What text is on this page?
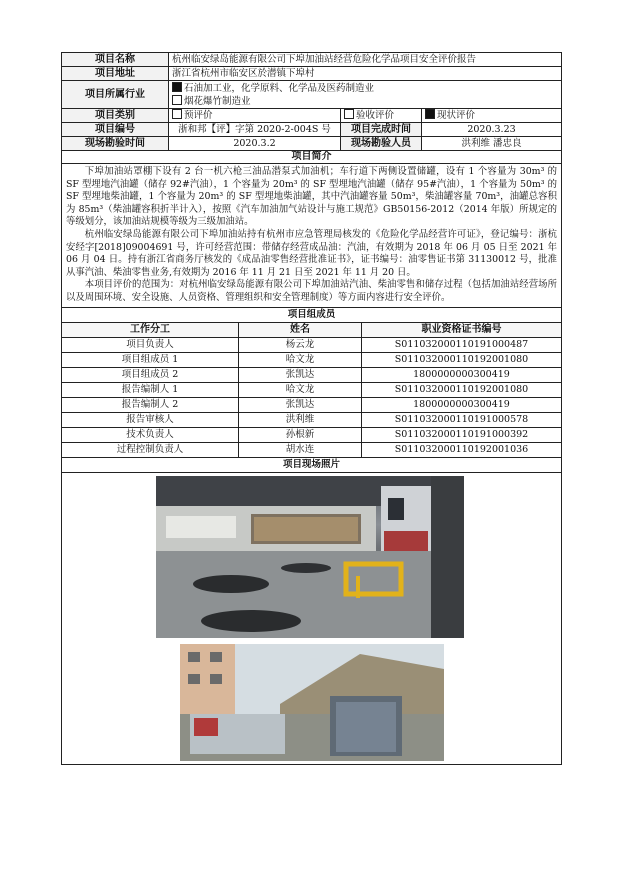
项目名称	杭州临安绿岛能源有限公司下埠加油站经营危险化学品项目安全评价报告		
项目地址	浙江省杭州市临安区於潜镇下埠村		
项目所属行业	石油加工业，化学原料、化学品及医药制造业
烟花爆竹制造业		

项目类别	预评价	验收评价	现状评价
项目编号	浙和邦【评】字第 2020-2-004S 号	项目完成时间	2020.3.23
现场勘验时间	2020.3.2	现场勘验人员	洪利维 潘忠良
项目简介			

下埠加油站罩棚下设有 2 台一机六枪三油品潜泵式加油机；车行道下两侧设置储罐，设有 1 个容量为 30m³ 的 SF 型埋地汽油罐（储存 92#汽油），1 个容量为 20m³ 的 SF 型埋地汽油罐（储存 95#汽油），1 个容量为 50m³ 的 SF 型埋地柴油罐，1 个容量为 20m³ 的 SF 型埋地柴油罐，其中汽油罐容量 50m³，柴油罐容量 70m³，油罐总容积为 85m³（柴油罐容积折半计入），按照《汽车加油加气站设计与施工规范》GB50156-2012（2014 年版）所规定的等级划分，该加油站规模等级为三级加油站。

杭州临安绿岛能源有限公司下埠加油站持有杭州市应急管理局核发的《危险化学品经营许可证》，登记编号：浙杭安经字[2018]09004691 号，许可经营范围：带储存经营成品油：汽油，有效期为 2018 年 06 月 05 日至 2021 年 06 月 04 日。持有浙江省商务厅核发的《成品油零售经营批准证书》，证书编号：油零售证书第 31130012 号，批准从事汽油、柴油零售业务,有效期为 2016 年 11 月 21 日至 2021 年 11 月 20 日。

本项目评价的范围为：对杭州临安绿岛能源有限公司下埠加油站汽油、柴油零售和储存过程（包括加油站经营场所以及周围环境、安全设施、人员资格、管理组织和安全管理制度）等方面内容进行安全评价。			

项目组成员		
工作分工	姓名	职业资格证书编号
项目负责人	杨云龙	S011032000110191000487
项目组成员 1	哈文龙	S011032000110192001080
项目组成员 2	张凯达	1800000000300419
报告编制人 1	哈文龙	S011032000110192001080
报告编制人 2	张凯达	1800000000300419
报告审核人	洪利维	S011032000110191000578
技术负责人	孙根新	S011032000110191000392
过程控制负责人	胡水连	S011032000110192001036
项目现场照片		
